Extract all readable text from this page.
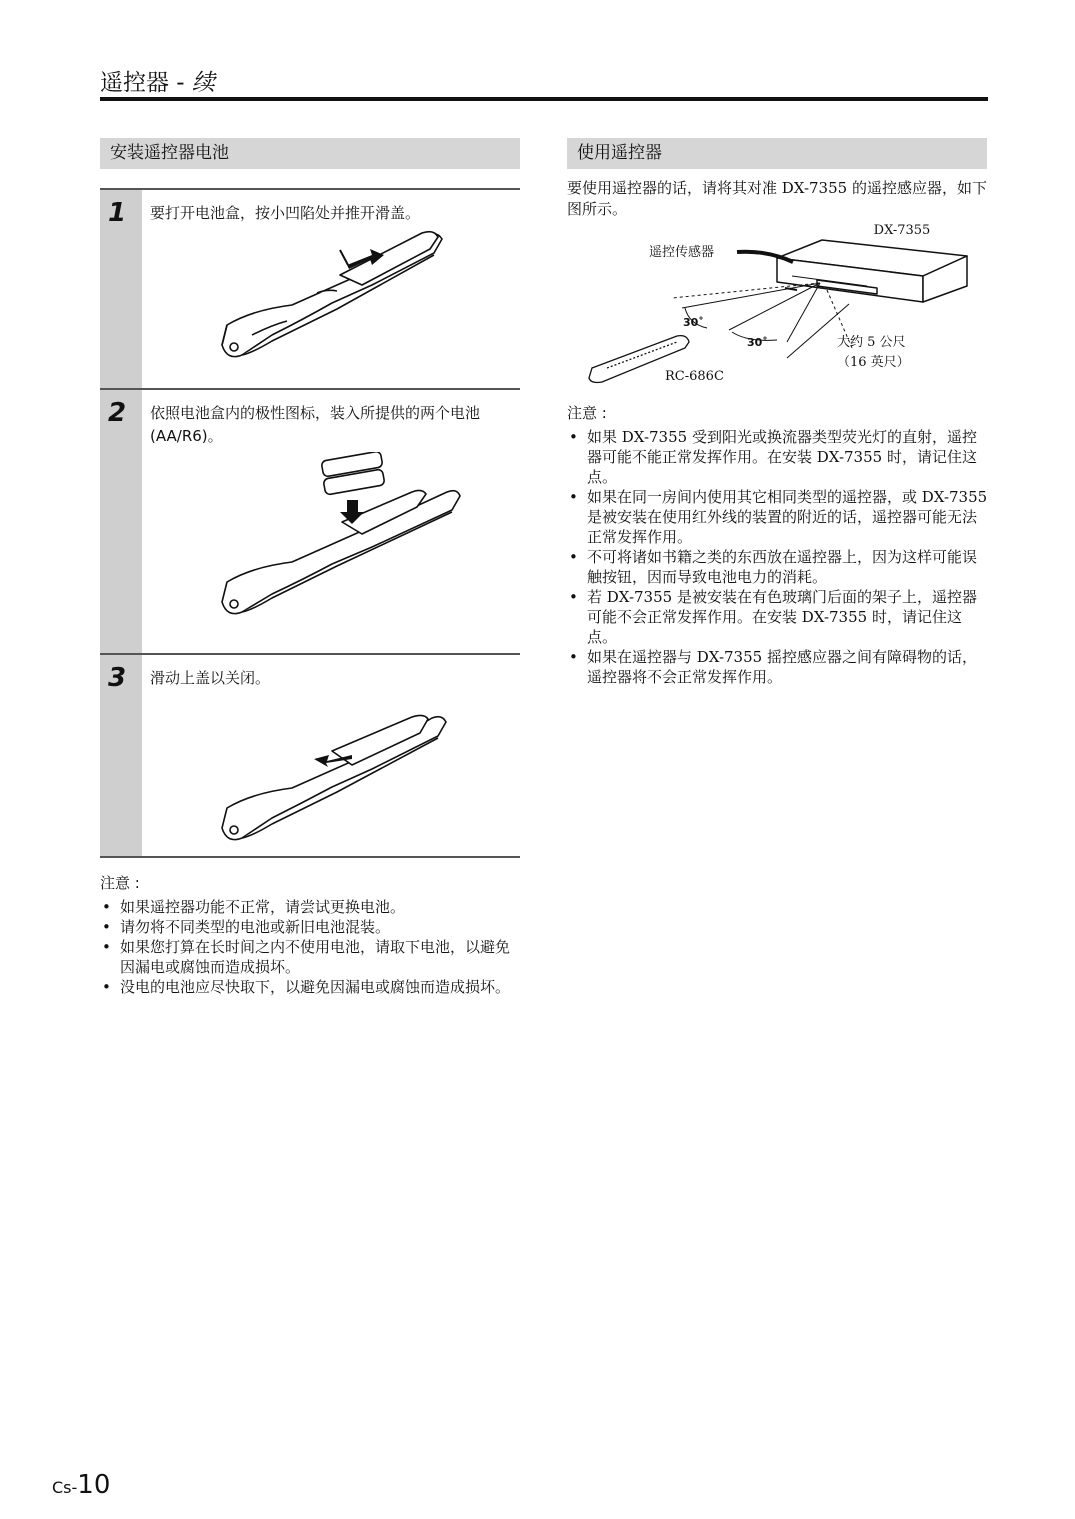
遥控器 - 续
安装遥控器电池
1 要打开电池盒，按小凹陷处并推开滑盖。
2 依照电池盒内的极性图标，装入所提供的两个电池 (AA/R6)。
3 滑动上盖以关闭。
注意 :
• 如果遥控器功能不正常，请尝试更换电池。
• 请勿将不同类型的电池或新旧电池混装。
• 如果您打算在长时间之内不使用电池，请取下电池，以避免因漏电或腐蚀而造成损坏。
• 没电的电池应尽快取下，以避免因漏电或腐蚀而造成损坏。
使用遥控器
要使用遥控器的话，请将其对准 DX-7355 的遥控感应器，如下图所示。
DX-7355
遥控传感器
30˚
30˚	大约 5 公尺
（16 英尺）
RC-686C
注意 :
• 如果 DX-7355 受到阳光或换流器类型荧光灯的直射，遥控器可能不能正常发挥作用。在安装 DX-7355 时，请记住这点。
• 如果在同一房间内使用其它相同类型的遥控器，或 DX-7355 是被安装在使用红外线的装置的附近的话，遥控器可能无法正常发挥作用。
• 不可将诸如书籍之类的东西放在遥控器上，因为这样可能误触按钮，因而导致电池电力的消耗。
• 若 DX-7355 是被安装在有色玻璃门后面的架子上，遥控器可能不会正常发挥作用。在安装 DX-7355 时，请记住这点。
• 如果在遥控器与 DX-7355 摇控感应器之间有障碍物的话，遥控器将不会正常发挥作用。
Cs-10
